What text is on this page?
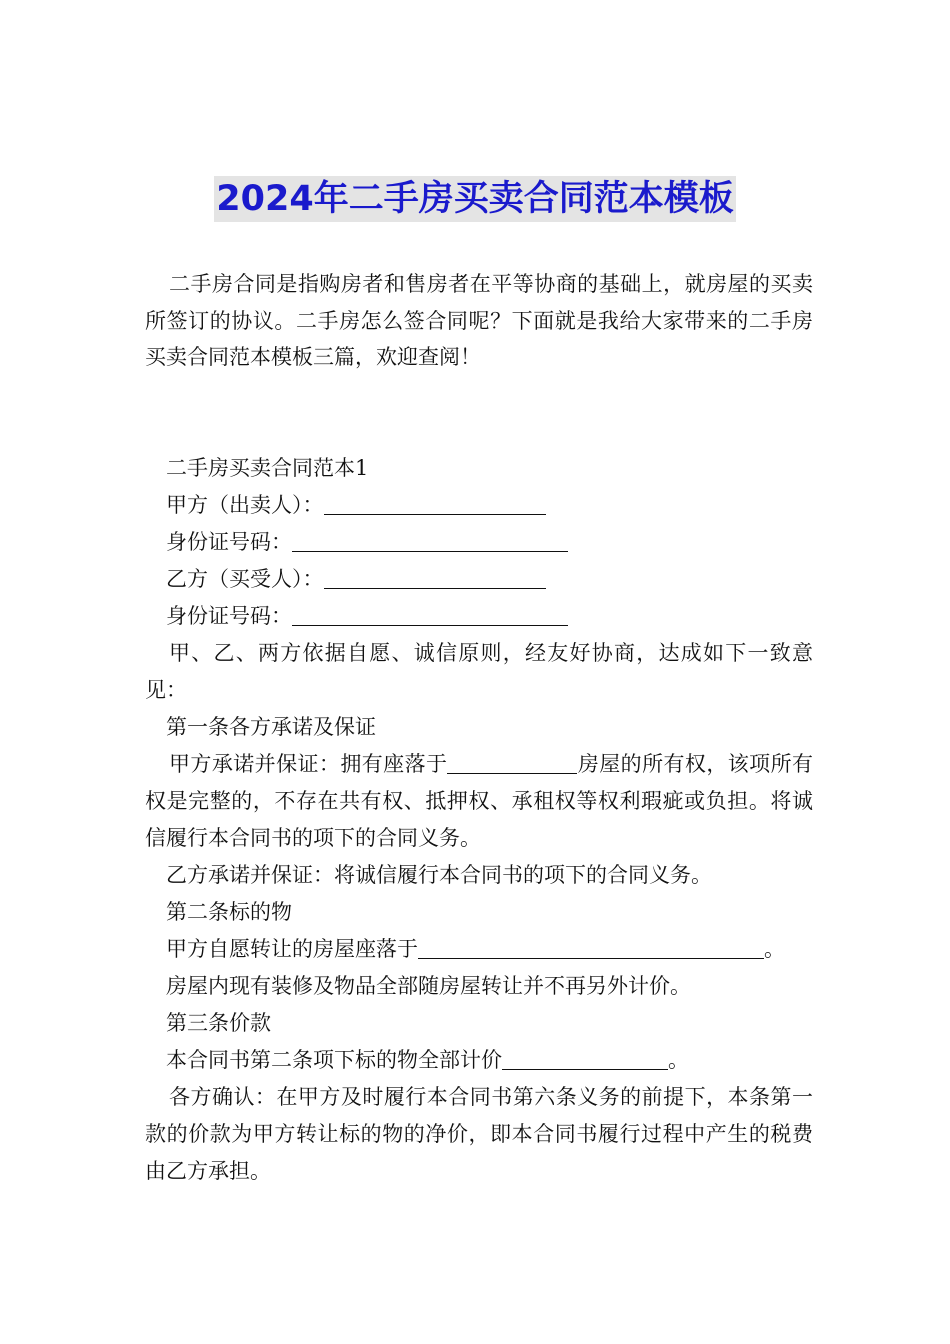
2024年二手房买卖合同范本模板

二手房合同是指购房者和售房者在平等协商的基础上，就房屋的买卖所签订的协议。二手房怎么签合同呢？下面就是我给大家带来的二手房买卖合同范本模板三篇，欢迎查阅！

二手房买卖合同范本1

甲方（出卖人）：

身份证号码：

乙方（买受人）：

身份证号码：

甲、乙、两方依据自愿、诚信原则，经友好协商，达成如下一致意见：

第一条各方承诺及保证

甲方承诺并保证：拥有座落于	房屋的所有权，该项所有权是完整的，不存在共有权、抵押权、承租权等权利瑕疵或负担。将诚信履行本合同书的项下的合同义务。

乙方承诺并保证：将诚信履行本合同书的项下的合同义务。

第二条标的物

甲方自愿转让的房屋座落于	。

房屋内现有装修及物品全部随房屋转让并不再另外计价。

第三条价款

本合同书第二条项下标的物全部计价	。

各方确认：在甲方及时履行本合同书第六条义务的前提下，本条第一款的价款为甲方转让标的物的净价，即本合同书履行过程中产生的税费由乙方承担。
